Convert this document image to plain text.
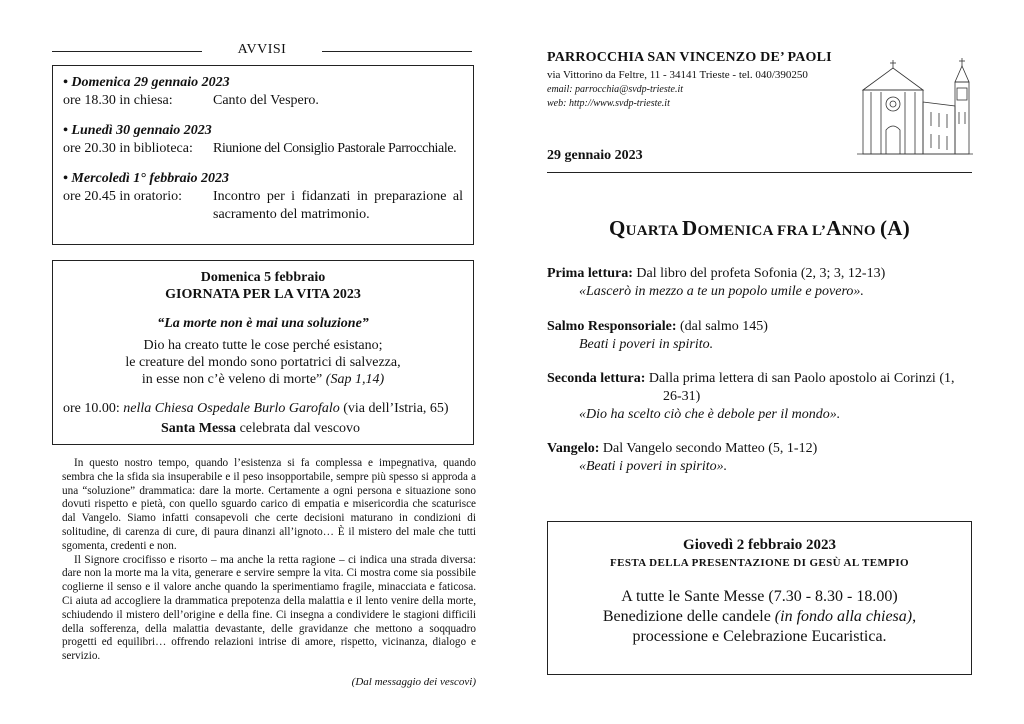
AVVISI
• Domenica 29 gennaio 2023
ore 18.30 in chiesa:	Canto del Vespero.
• Lunedì 30 gennaio 2023
ore 20.30 in biblioteca:	Riunione del Consiglio Pastorale Parrocchiale.
• Mercoledì 1° febbraio 2023
ore 20.45 in oratorio:	Incontro per i fidanzati in preparazione al sacramento del matrimonio.
Domenica 5 febbraio
GIORNATA PER LA VITA 2023
“La morte non è mai una soluzione”
Dio ha creato tutte le cose perché esistano;
le creature del mondo sono portatrici di salvezza,
in esse non c’è veleno di morte” (Sap 1,14)
ore 10.00: nella Chiesa Ospedale Burlo Garofalo (via dell’Istria, 65)
Santa Messa celebrata dal vescovo

In questo nostro tempo, quando l’esistenza si fa complessa e impegnativa, quando sembra che la sfida sia insuperabile e il peso insopportabile, sempre più spesso si approda a una “soluzione” drammatica: dare la morte. Certamente a ogni persona e situazione sono dovuti rispetto e pietà, con quello sguardo carico di empatia e misericordia che scaturisce dal Vangelo. Siamo infatti consapevoli che certe decisioni maturano in condizioni di solitudine, di carenza di cure, di paura dinanzi all’ignoto… È il mistero del male che tutti sgomenta, credenti e non.

Il Signore crocifisso e risorto – ma anche la retta ragione – ci indica una strada diversa: dare non la morte ma la vita, generare e servire sempre la vita. Ci mostra come sia possibile coglierne il senso e il valore anche quando la sperimentiamo fragile, minacciata e faticosa. Ci aiuta ad accogliere la drammatica prepotenza della malattia e il lento venire della morte, schiudendo il mistero dell’origine e della fine. Ci insegna a condividere le stagioni difficili della sofferenza, della malattia devastante, delle gravidanze che mettono a soqquadro progetti ed equilibri… offrendo relazioni intrise di amore, rispetto, vicinanza, dialogo e servizio.

(Dal messaggio dei vescovi)
PARROCCHIA SAN VINCENZO DE’ PAOLI
via Vittorino da Feltre, 11 - 34141 Trieste - tel. 040/390250
email: parrocchia@svdp-trieste.it
web: http://www.svdp-trieste.it
29 gennaio 2023
QUARTA DOMENICA FRA L’ANNO (A)
Prima lettura: Dal libro del profeta Sofonia (2, 3; 3, 12-13)
«Lascerò in mezzo a te un popolo umile e povero».
Salmo Responsoriale: (dal salmo 145)
Beati i poveri in spirito.
Seconda lettura: Dalla prima lettera di san Paolo apostolo ai Corinzi (1, 26-31)
«Dio ha scelto ciò che è debole per il mondo».
Vangelo: Dal Vangelo secondo Matteo (5, 1-12)
«Beati i poveri in spirito».
Giovedì 2 febbraio 2023
FESTA DELLA PRESENTAZIONE DI GESÙ AL TEMPIO
A tutte le Sante Messe (7.30 - 8.30 - 18.00)
Benedizione delle candele (in fondo alla chiesa),
processione e Celebrazione Eucaristica.
